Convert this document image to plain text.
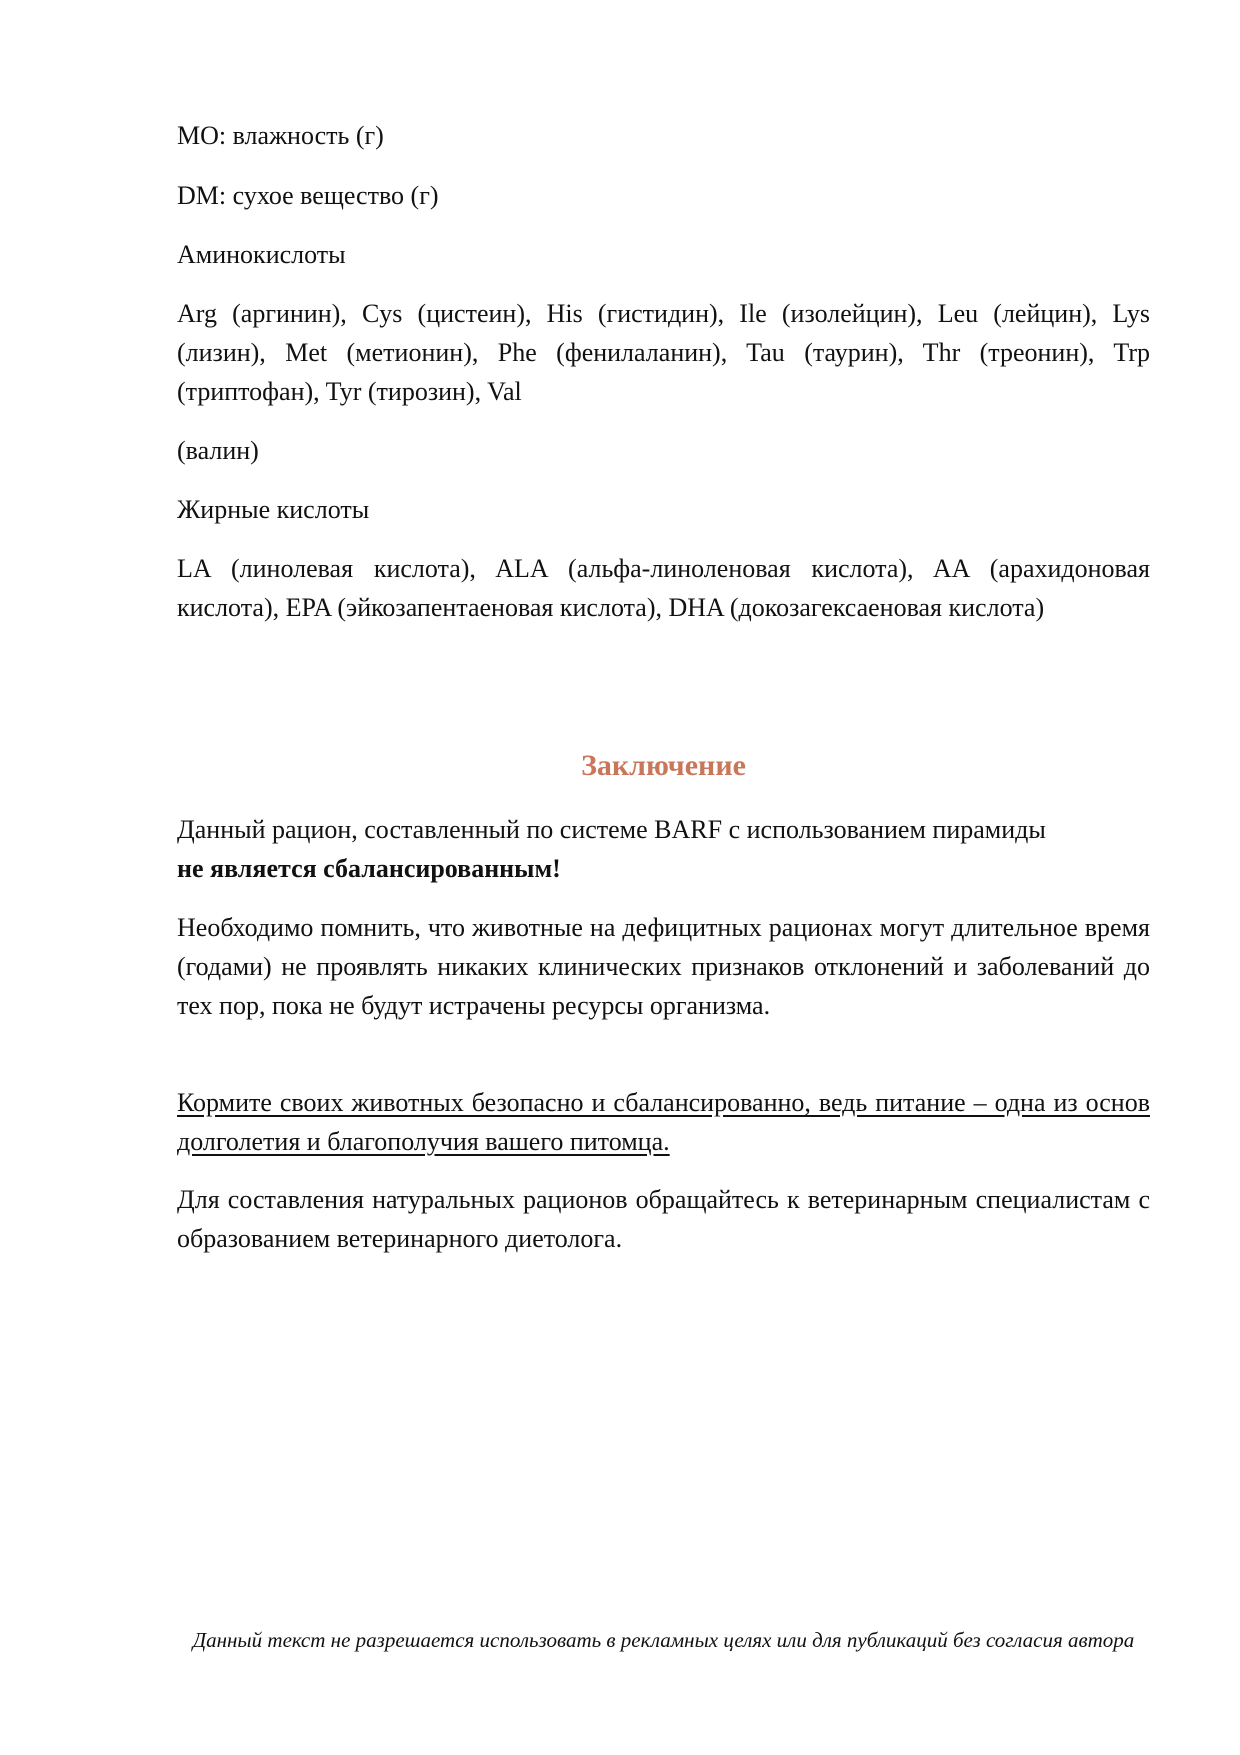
MO: влажность (г)

DM: сухое вещество (г)

Аминокислоты

Arg (аргинин), Cys (цистеин), His (гистидин), Ile (изолейцин), Leu (лейцин), Lys (лизин), Met (метионин), Phe (фенилаланин), Tau (таурин), Thr (треонин), Trp (триптофан), Tyr (тирозин), Val

(валин)

Жирные кислоты

LA (линолевая кислота), ALA (альфа-линоленовая кислота), AA (арахидоновая кислота), EPA (эйкозапентаеновая кислота), DHA (докозагексаеновая кислота)

Заключение

Данный рацион, составленный по системе BARF с использованием пирамиды
не является сбалансированным!

Необходимо помнить, что животные на дефицитных рационах могут длительное время (годами) не проявлять никаких клинических признаков отклонений и заболеваний до тех пор, пока не будут истрачены ресурсы организма.

Кормите своих животных безопасно и сбалансированно, ведь питание – одна из основ долголетия и благополучия вашего питомца.

Для составления натуральных рационов обращайтесь к ветеринарным специалистам с образованием ветеринарного диетолога.

Данный текст не разрешается использовать в рекламных целях или для публикаций без согласия автора
